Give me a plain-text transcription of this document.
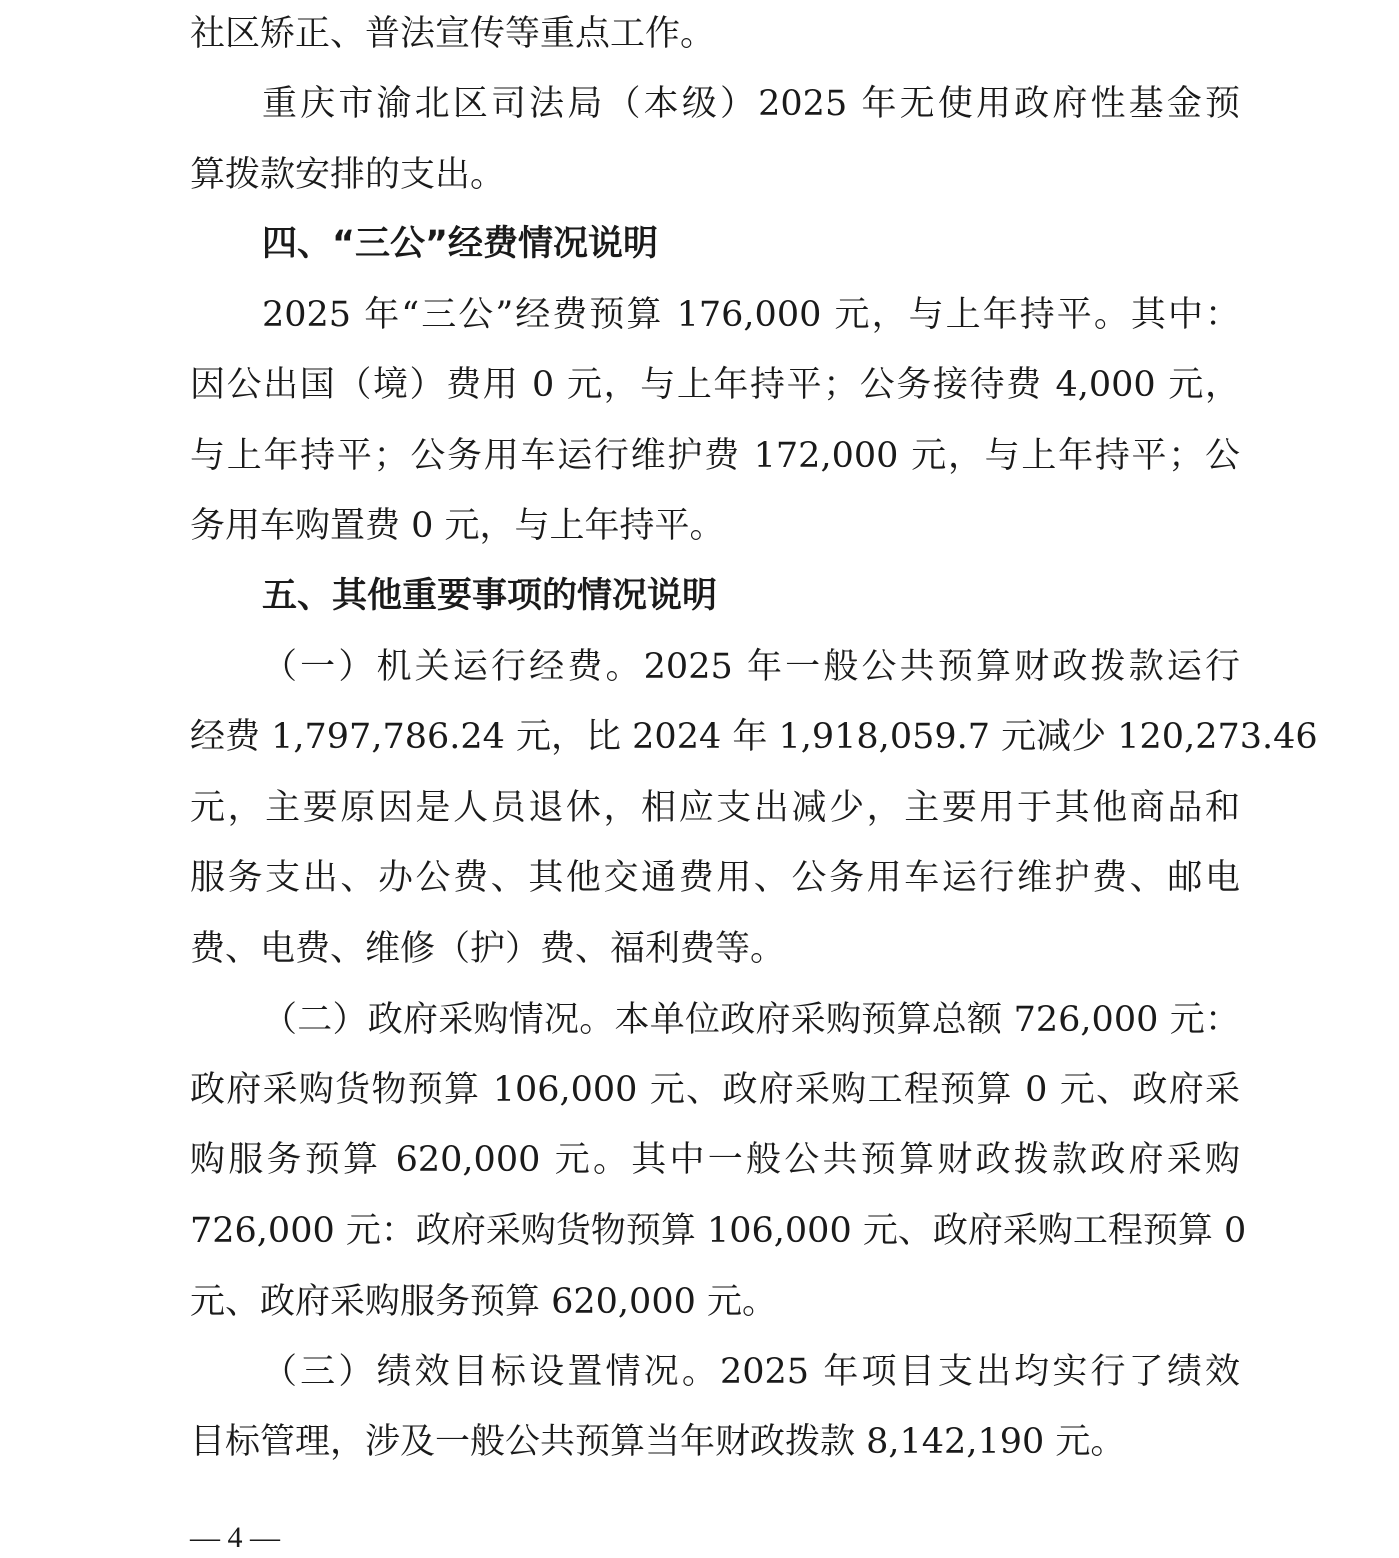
社区矫正、普法宣传等重点工作。
重庆市渝北区司法局（本级）2025 年无使用政府性基金预
算拨款安排的支出。
四、“三公”经费情况说明
2025 年“三公”经费预算 176,000 元，与上年持平。其中：
因公出国（境）费用 0 元，与上年持平；公务接待费 4,000 元，
与上年持平；公务用车运行维护费 172,000 元，与上年持平；公
务用车购置费 0 元，与上年持平。
五、其他重要事项的情况说明
（一）机关运行经费。2025 年一般公共预算财政拨款运行
经费 1,797,786.24 元，比 2024 年 1,918,059.7 元减少 120,273.46
元，主要原因是人员退休，相应支出减少，主要用于其他商品和
服务支出、办公费、其他交通费用、公务用车运行维护费、邮电
费、电费、维修（护）费、福利费等。
（二）政府采购情况。本单位政府采购预算总额 726,000 元：
政府采购货物预算 106,000 元、政府采购工程预算 0 元、政府采
购服务预算 620,000 元。其中一般公共预算财政拨款政府采购
726,000 元：政府采购货物预算 106,000 元、政府采购工程预算 0
元、政府采购服务预算 620,000 元。
（三）绩效目标设置情况。2025 年项目支出均实行了绩效
目标管理，涉及一般公共预算当年财政拨款 8,142,190 元。
— 4 —
